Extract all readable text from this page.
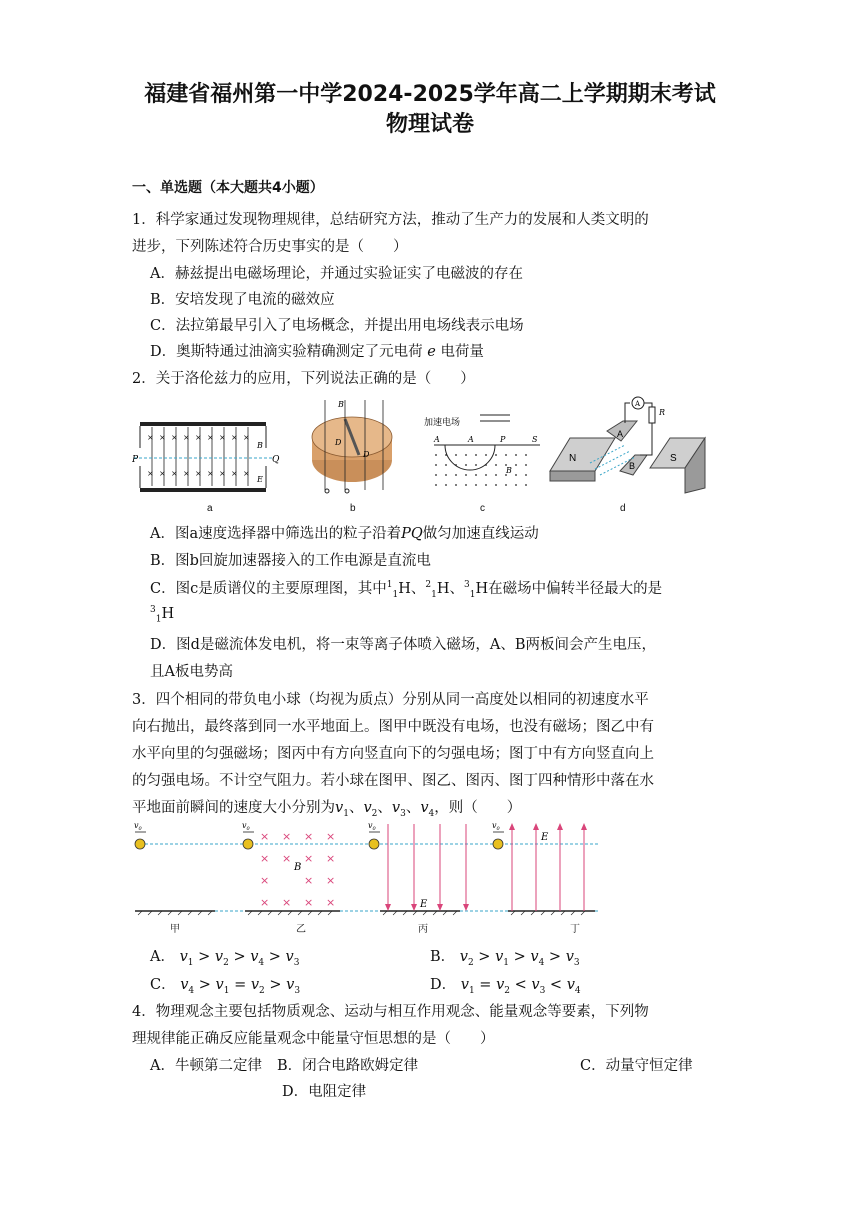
福建省福州第一中学2024-2025学年高二上学期期末考试
物理试卷
一、单选题（本大题共4小题）
1．科学家通过发现物理规律，总结研究方法，推动了生产力的发展和人类文明的
进步，下列陈述符合历史事实的是（　　）
A．赫兹提出电磁场理论，并通过实验证实了电磁波的存在
B．安培发现了电流的磁效应
C．法拉第最早引入了电场概念，并提出用电场线表示电场
D．奥斯特通过油滴实验精确测定了元电荷 e 电荷量
2．关于洛伦兹力的应用，下列说法正确的是（　　）
× × × × × × × × ×
× × × × × × × × ×
P	Q
B
E
a
B
D
D
b
加速电场
A	A	P	S
B
c
N	S
A
B
A
R
d
A．图a速度选择器中筛选出的粒子沿着PQ做匀加速直线运动
B．图b回旋加速器接入的工作电源是直流电
C．图c是质谱仪的主要原理图，其中$^1_1$H、$^2_1$H、$^3_1$H在磁场中偏转半径最大的是
$^3_1$H
D．图d是磁流体发电机，将一束等离子体喷入磁场，A、B两板间会产生电压，
且A板电势高
3．四个相同的带负电小球（均视为质点）分别从同一高度处以相同的初速度水平
向右抛出，最终落到同一水平地面上。图甲中既没有电场，也没有磁场；图乙中有
水平向里的匀强磁场；图丙中有方向竖直向下的匀强电场；图丁中有方向竖直向上
的匀强电场。不计空气阻力。若小球在图甲、图乙、图丙、图丁四种情形中落在水
平地面前瞬间的速度大小分别为$v_1$、$v_2$、$v_3$、$v_4$，则（　　）
$v_0$	$v_0$	$v_0$	$v_0$
× × × ×
× × × ×
×	× ×
× × × ×
B
E
E
甲	乙	丙	丁
A． $v_1 > v_2 > v_4 > v_3$	B． $v_2 > v_1 > v_4 > v_3$
C． $v_4 > v_1 = v_2 > v_3$	D． $v_1 = v_2 < v_3 < v_4$
4．物理观念主要包括物质观念、运动与相互作用观念、能量观念等要素，下列物
理规律能正确反应能量观念中能量守恒思想的是（　　）
A．牛顿第二定律 B．闭合电路欧姆定律	C．动量守恒定律
D．电阻定律
